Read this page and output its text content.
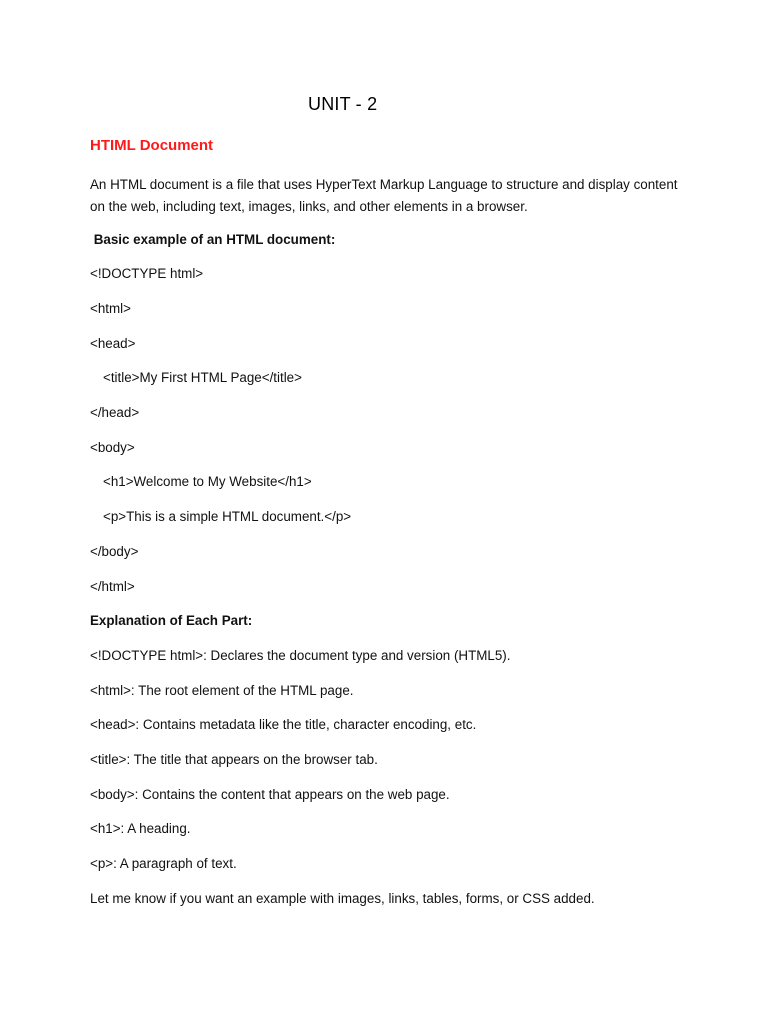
UNIT - 2
HTIML Document
An HTML document is a file that uses HyperText Markup Language to structure and display content on the web, including text, images, links, and other elements in a browser.
Basic example of an HTML document:
<!DOCTYPE html>
<html>
<head>
<title>My First HTML Page</title>
</head>
<body>
<h1>Welcome to My Website</h1>
<p>This is a simple HTML document.</p>
</body>
</html>
Explanation of Each Part:
<!DOCTYPE html>: Declares the document type and version (HTML5).
<html>: The root element of the HTML page.
<head>: Contains metadata like the title, character encoding, etc.
<title>: The title that appears on the browser tab.
<body>: Contains the content that appears on the web page.
<h1>: A heading.
<p>: A paragraph of text.
Let me know if you want an example with images, links, tables, forms, or CSS added.
